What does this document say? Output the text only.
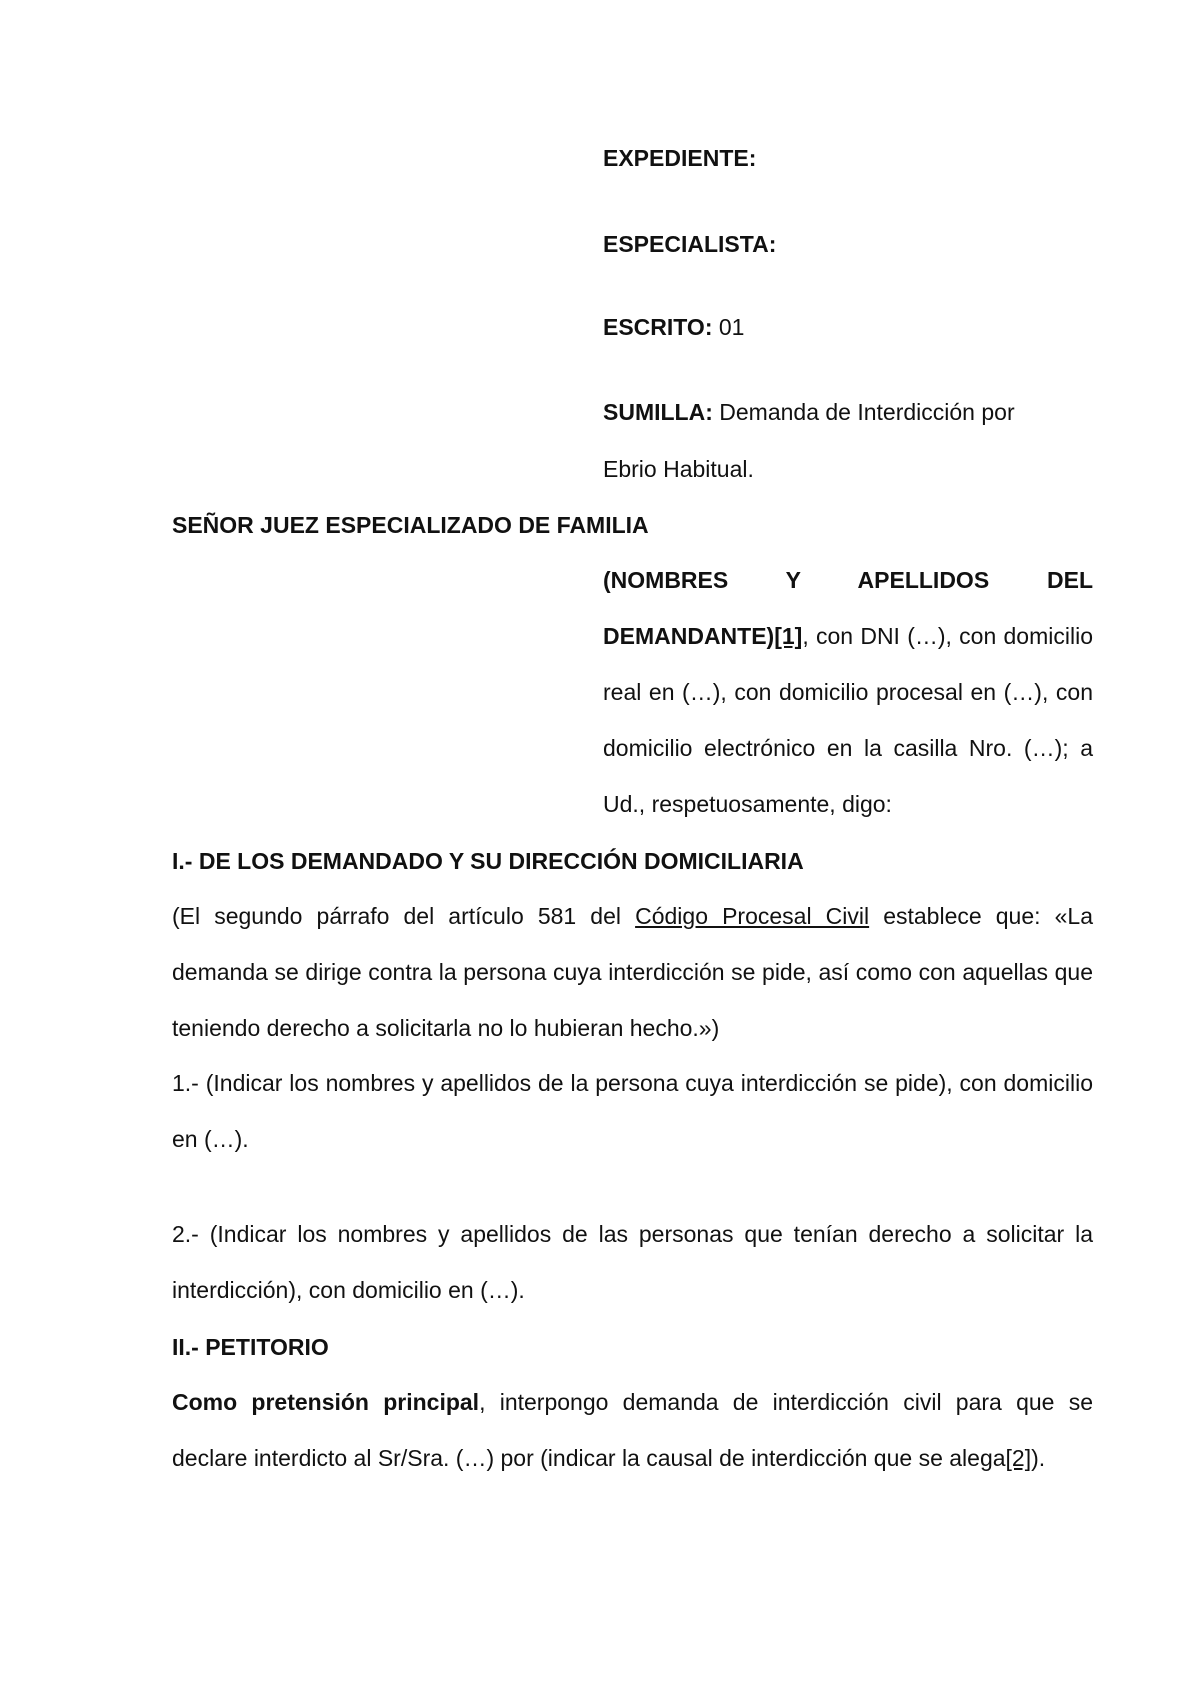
EXPEDIENTE:
ESPECIALISTA:
ESCRITO: 01
SUMILLA: Demanda de Interdicción por
Ebrio Habitual.
SEÑOR JUEZ ESPECIALIZADO DE FAMILIA
(NOMBRES Y APELLIDOS DEL DEMANDANTE)[1], con DNI (…), con domicilio real en (…), con domicilio procesal en (…), con domicilio electrónico en la casilla Nro. (…); a Ud., respetuosamente, digo:
I.- DE LOS DEMANDADO Y SU DIRECCIÓN DOMICILIARIA
(El segundo párrafo del artículo 581 del Código Procesal Civil establece que: «La demanda se dirige contra la persona cuya interdicción se pide, así como con aquellas que teniendo derecho a solicitarla no lo hubieran hecho.»)
1.- (Indicar los nombres y apellidos de la persona cuya interdicción se pide), con domicilio en (…).
2.- (Indicar los nombres y apellidos de las personas que tenían derecho a solicitar la interdicción), con domicilio en (…).
II.- PETITORIO
Como pretensión principal, interpongo demanda de interdicción civil para que se declare interdicto al Sr/Sra. (…) por (indicar la causal de interdicción que se alega[2]).
